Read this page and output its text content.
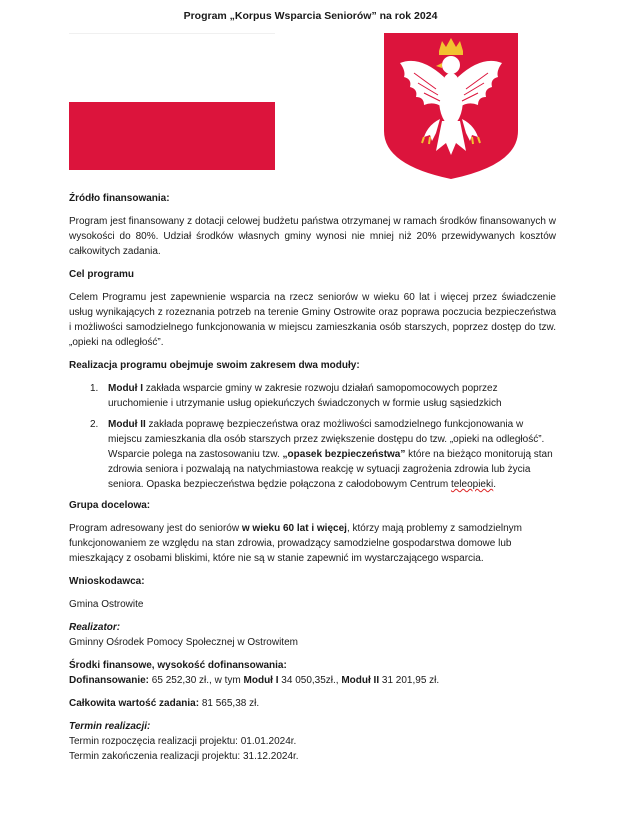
Program „Korpus Wsparcia Seniorów” na rok 2024
Źródło finansowania:

Program jest finansowany z dotacji celowej budżetu państwa otrzymanej w ramach środków finansowanych w wysokości do 80%. Udział środków własnych gminy wynosi nie mniej niż 20% przewidywanych kosztów całkowitych zadania.

Cel programu

Celem Programu jest zapewnienie wsparcia na rzecz seniorów w wieku 60 lat i więcej przez świadczenie usług wynikających z rozeznania potrzeb na terenie Gminy Ostrowite oraz poprawa poczucia bezpieczeństwa i możliwości samodzielnego funkcjonowania w miejscu zamieszkania osób starszych, poprzez dostęp do tzw. „opieki na odległość”.

Realizacja programu obejmuje swoim zakresem dwa moduły:
1. Moduł I zakłada wsparcie gminy w zakresie rozwoju działań samopomocowych poprzez uruchomienie i utrzymanie usług opiekuńczych świadczonych w formie usług sąsiedzkich
2. Moduł II zakłada poprawę bezpieczeństwa oraz możliwości samodzielnego funkcjonowania w miejscu zamieszkania dla osób starszych przez zwiększenie dostępu do tzw. „opieki na odległość”. Wsparcie polega na zastosowaniu tzw. „opasek bezpieczeństwa” które na bieżąco monitorują stan zdrowia seniora i pozwalają na natychmiastowa reakcję w sytuacji zagrożenia zdrowia lub życia seniora. Opaska bezpieczeństwa będzie połączona z całodobowym Centrum teleopieki.
Grupa docelowa:

Program adresowany jest do seniorów w wieku 60 lat i więcej, którzy mają problemy z samodzielnym funkcjonowaniem ze względu na stan zdrowia, prowadzący samodzielne gospodarstwa domowe lub mieszkający z osobami bliskimi, które nie są w stanie zapewnić im wystarczającego wsparcia.

Wnioskodawca:

Gmina Ostrowite

Realizator:

Gminny Ośrodek Pomocy Społecznej w Ostrowitem

Środki finansowe, wysokość dofinansowania:

Dofinansowanie: 65 252,30 zł., w tym Moduł I 34 050,35zł., Moduł II 31 201,95 zł.

Całkowita wartość zadania: 81 565,38 zł.

Termin realizacji:
Termin rozpoczęcia realizacji projektu: 01.01.2024r.
Termin zakończenia realizacji projektu: 31.12.2024r.
